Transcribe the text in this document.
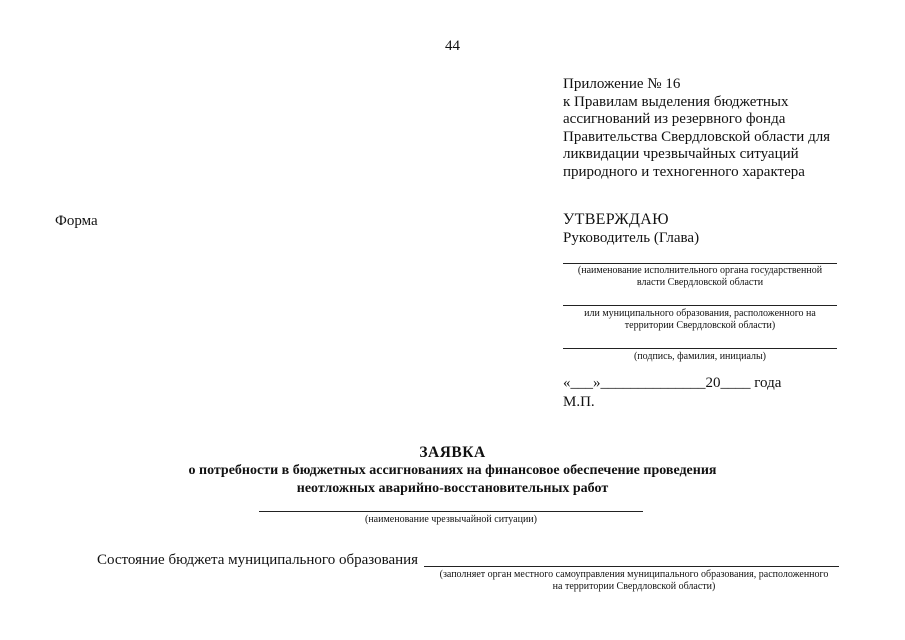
44
Приложение № 16
к Правилам выделения бюджетных
ассигнований из резервного фонда
Правительства Свердловской области для
ликвидации чрезвычайных ситуаций
природного и техногенного характера
Форма	УТВЕРЖДАЮ
Руководитель (Глава)
(наименование исполнительного органа государственной
власти Свердловской области
или муниципального образования, расположенного на
территории Свердловской области)
(подпись, фамилия, инициалы)
«___»______________20____ года
М.П.
ЗАЯВКА
о потребности в бюджетных ассигнованиях на финансовое обеспечение проведения
неотложных аварийно-восстановительных работ
(наименование чрезвычайной ситуации)
Состояние бюджета муниципального образования
(заполняет орган местного самоуправления муниципального образования, расположенного
на территории Свердловской области)
